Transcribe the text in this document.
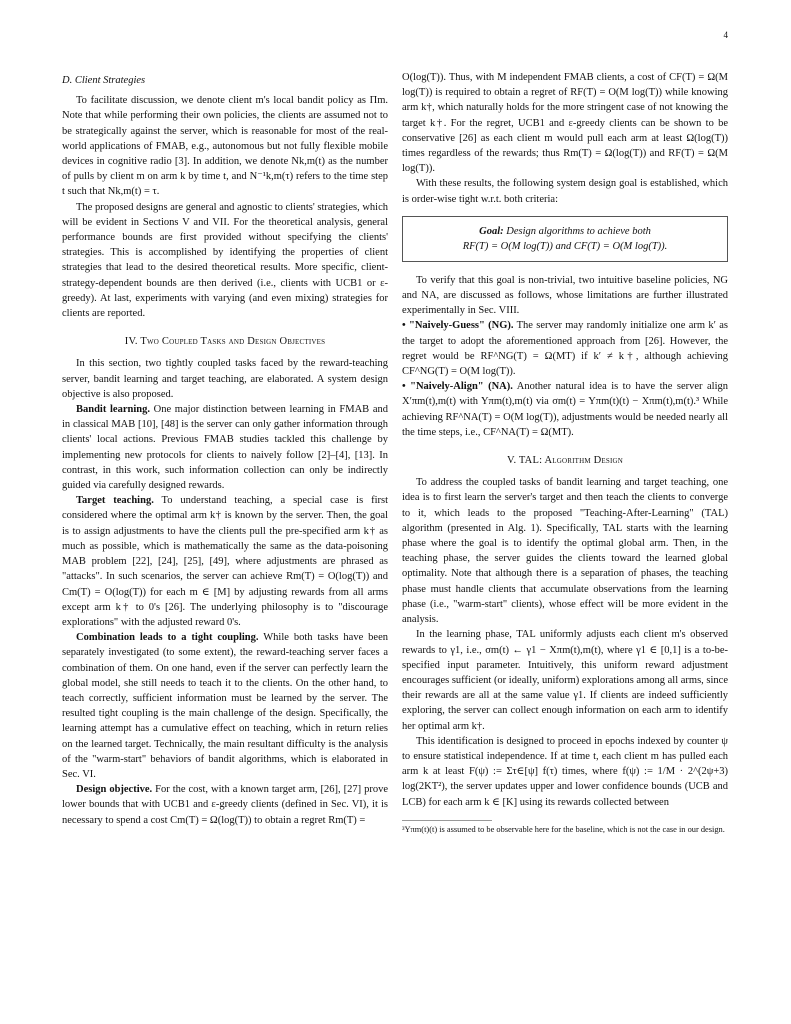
4

D. Client Strategies

To facilitate discussion, we denote client m's local bandit policy as Πm. Note that while performing their own policies, the clients are assumed not to be strategically against the server, which is reasonable for most of the real-world applications of FMAB, e.g., autonomous but not fully flexible mobile devices in cognitive radio [3]. In addition, we denote Nk,m(t) as the number of pulls by client m on arm k by time t, and N⁻¹k,m(τ) refers to the time step t such that Nk,m(t) = τ.

The proposed designs are general and agnostic to clients' strategies, which will be evident in Sections V and VII. For the theoretical analysis, general performance bounds are first provided without specifying the clients' strategies. This is accomplished by identifying the properties of client strategies that lead to the desired theoretical results. More specific, client-strategy-dependent bounds are then derived (i.e., clients with UCB1 or ε-greedy). At last, experiments with varying (and even mixing) strategies for clients are reported.

IV. Two Coupled Tasks and Design Objectives

In this section, two tightly coupled tasks faced by the reward-teaching server, bandit learning and target teaching, are elaborated. A system design objective is also proposed.

Bandit learning. One major distinction between learning in FMAB and in classical MAB [10], [48] is the server can only gather information through clients' local actions. Previous FMAB studies tackled this challenge by implementing new protocols for clients to naively follow [2]–[4], [13]. In contrast, in this work, such information collection can only be indirectly guided via carefully designed rewards.

Target teaching. To understand teaching, a special case is first considered where the optimal arm k† is known by the server. Then, the goal is to assign adjustments to have the clients pull the pre-specified arm k† as much as possible, which is mathematically the same as the data-poisoning MAB problem [22], [24], [25], [49], where adjustments are phrased as "attacks". In such scenarios, the server can achieve Rm(T) = O(log(T)) and Cm(T) = O(log(T)) for each m ∈ [M] by adjusting rewards from all arms except arm k† to 0's [26]. The underlying philosophy is to "discourage explorations" with the adjusted reward 0's.

Combination leads to a tight coupling. While both tasks have been separately investigated (to some extent), the reward-teaching server faces a combination of them. On one hand, even if the server can perfectly learn the global model, she still needs to teach it to the clients. On the other hand, to teach correctly, sufficient information must be learned by the server. The resulted tight coupling is the main challenge of the design. Specifically, the learning attempt has a cumulative effect on teaching, which in return relies on the learned target. Technically, the main resultant difficulty is the analysis of the "warm-start" behaviors of bandit algorithms, which is elaborated in Sec. VI.

Design objective. For the cost, with a known target arm, [26], [27] prove lower bounds that with UCB1 and ε-greedy clients (defined in Sec. VI), it is necessary to spend a cost Cm(T) = Ω(log(T)) to obtain a regret Rm(T) =

O(log(T)). Thus, with M independent FMAB clients, a cost of CF(T) = Ω(M log(T)) is required to obtain a regret of RF(T) = O(M log(T)) while knowing arm k†, which naturally holds for the more stringent case of not knowing the target k†. For the regret, UCB1 and ε-greedy clients can be shown to be conservative [26] as each client m would pull each arm at least Ω(log(T)) times regardless of the rewards; thus Rm(T) = Ω(log(T)) and RF(T) = Ω(M log(T)).

With these results, the following system design goal is established, which is order-wise tight w.r.t. both criteria:

Goal: Design algorithms to achieve both
RF(T) = O(M log(T)) and CF(T) = O(M log(T)).

To verify that this goal is non-trivial, two intuitive baseline policies, NG and NA, are discussed as follows, whose limitations are further illustrated experimentally in Sec. VIII.

• "Naively-Guess" (NG). The server may randomly initialize one arm k′ as the target to adopt the aforementioned approach from [26]. However, the regret would be RF^NG(T) = Ω(MT) if k′ ≠ k†, although achieving CF^NG(T) = O(M log(T)).

• "Naively-Align" (NA). Another natural idea is to have the server align X′πm(t),m(t) with Yπm(t),m(t) via σm(t) = Yπm(t)(t) − Xπm(t),m(t).³ While achieving RF^NA(T) = O(M log(T)), adjustments would be needed nearly all the time steps, i.e., CF^NA(T) = Ω(MT).

V. TAL: Algorithm Design

To address the coupled tasks of bandit learning and target teaching, one idea is to first learn the server's target and then teach the clients to converge to it, which leads to the proposed "Teaching-After-Learning" (TAL) algorithm (presented in Alg. 1). Specifically, TAL starts with the learning phase where the goal is to identify the optimal global arm. Then, in the teaching phase, the server guides the clients toward the learned global optimality. Note that although there is a separation of phases, the teaching phase must handle clients that accumulate observations from the learning phase (i.e., "warm-start" clients), whose effect will be more evident in the analysis.

In the learning phase, TAL uniformly adjusts each client m's observed rewards to γ1, i.e., σm(t) ← γ1 − Xπm(t),m(t), where γ1 ∈ [0,1] is a to-be-specified input parameter. Intuitively, this uniform reward adjustment encourages sufficient (or ideally, uniform) explorations among all arms, since their rewards are all at the same value γ1. If clients are indeed sufficiently exploring, the server can collect enough information on each arm to identify her optimal arm k†.

This identification is designed to proceed in epochs indexed by counter ψ to ensure statistical independence. If at time t, each client m has pulled each arm k at least F(ψ) := Στ∈[ψ] f(τ) times, where f(ψ) := 1/M · 2^(2ψ+3) log(2KT²), the server updates upper and lower confidence bounds (UCB and LCB) for each arm k ∈ [K] using its rewards collected between

³Yπm(t)(t) is assumed to be observable here for the baseline, which is not the case in our design.
